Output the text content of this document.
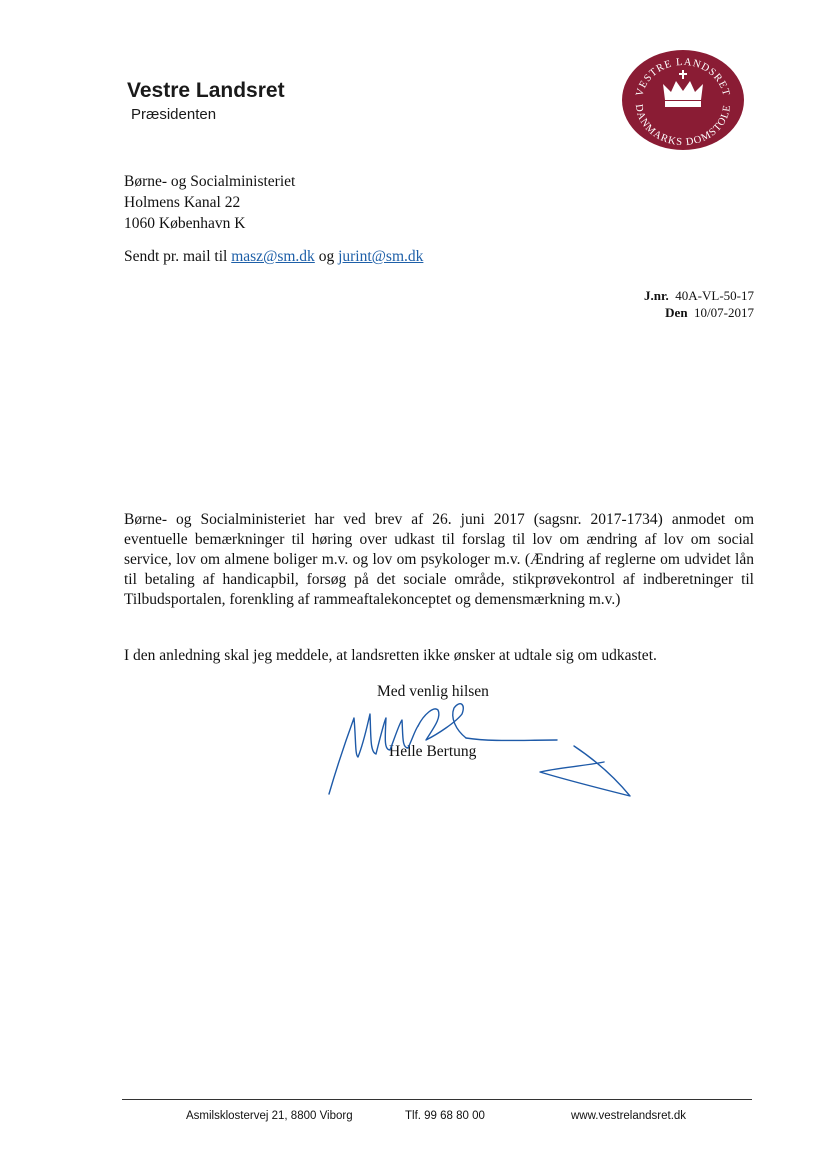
Vestre Landsret
Præsidenten
VESTRE LANDSRET
DANMARKS DOMSTOLE
Børne- og Socialministeriet
Holmens Kanal 22
1060 København K
Sendt pr. mail til masz@sm.dk og jurint@sm.dk
J.nr. 40A-VL-50-17
Den 10/07-2017

Børne- og Socialministeriet har ved brev af 26. juni 2017 (sagsnr. 2017-1734) anmodet om eventuelle bemærkninger til høring over udkast til forslag til lov om ændring af lov om social service, lov om almene boliger m.v. og lov om psykologer m.v. (Ændring af reglerne om udvidet lån til betaling af handicapbil, forsøg på det sociale område, stikprøvekontrol af indberetninger til Tilbudsportalen, forenkling af rammeaftalekonceptet og demensmærkning m.v.)

I den anledning skal jeg meddele, at landsretten ikke ønsker at udtale sig om udkastet.
Med venlig hilsen
Helle Bertung
Asmilsklostervej 21, 8800 Viborg	Tlf. 99 68 80 00	www.vestrelandsret.dk
